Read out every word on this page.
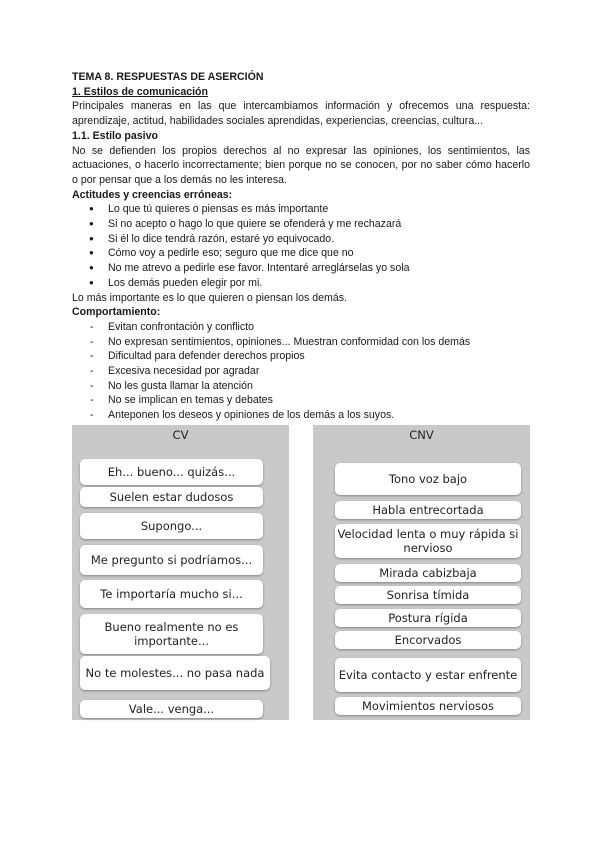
TEMA 8. RESPUESTAS DE ASERCIÓN

1. Estilos de comunicación

Principales maneras en las que intercambiamos información y ofrecemos una respuesta: aprendizaje, actitud, habilidades sociales aprendidas, experiencias, creencias, cultura...

1.1. Estilo pasivo

No se defienden los propios derechos al no expresar las opiniones, los sentimientos, las actuaciones, o hacerlo incorrectamente; bien porque no se conocen, por no saber cómo hacerlo o por pensar que a los demás no les interesa.

Actitudes y creencias erróneas:

● Lo que tú quieres o piensas es más importante
● Si no acepto o hago lo que quiere se ofenderá y me rechazará
● Si él lo dice tendrá razón, estaré yo equivocado.
● Cómo voy a pedirle eso; seguro que me dice que no
● No me atrevo a pedirle ese favor. Intentaré arreglárselas yo sola
● Los demás pueden elegir por mi.

Lo más importante es lo que quieren o piensan los demás.

Comportamiento:

- Evitan confrontación y conflicto
- No expresan sentimientos, opiniones... Muestran conformidad con los demás
- Dificultad para defender derechos propios
- Excesiva necesidad por agradar
- No les gusta llamar la atención
- No se implican en temas y debates
- Anteponen los deseos y opiniones de los demás a los suyos.
CV
Eh... bueno... quizás...
Suelen estar dudosos
Supongo...
Me pregunto si podríamos...
Te importaría mucho si...
Bueno realmente no es importante...
No te molestes... no pasa nada
Vale... venga...
CNV
Tono voz bajo
Habla entrecortada
Velocidad lenta o muy rápida si nervioso
Mirada cabizbaja
Sonrisa tímida
Postura rígida
Encorvados
Evita contacto y estar enfrente
Movimientos nerviosos
